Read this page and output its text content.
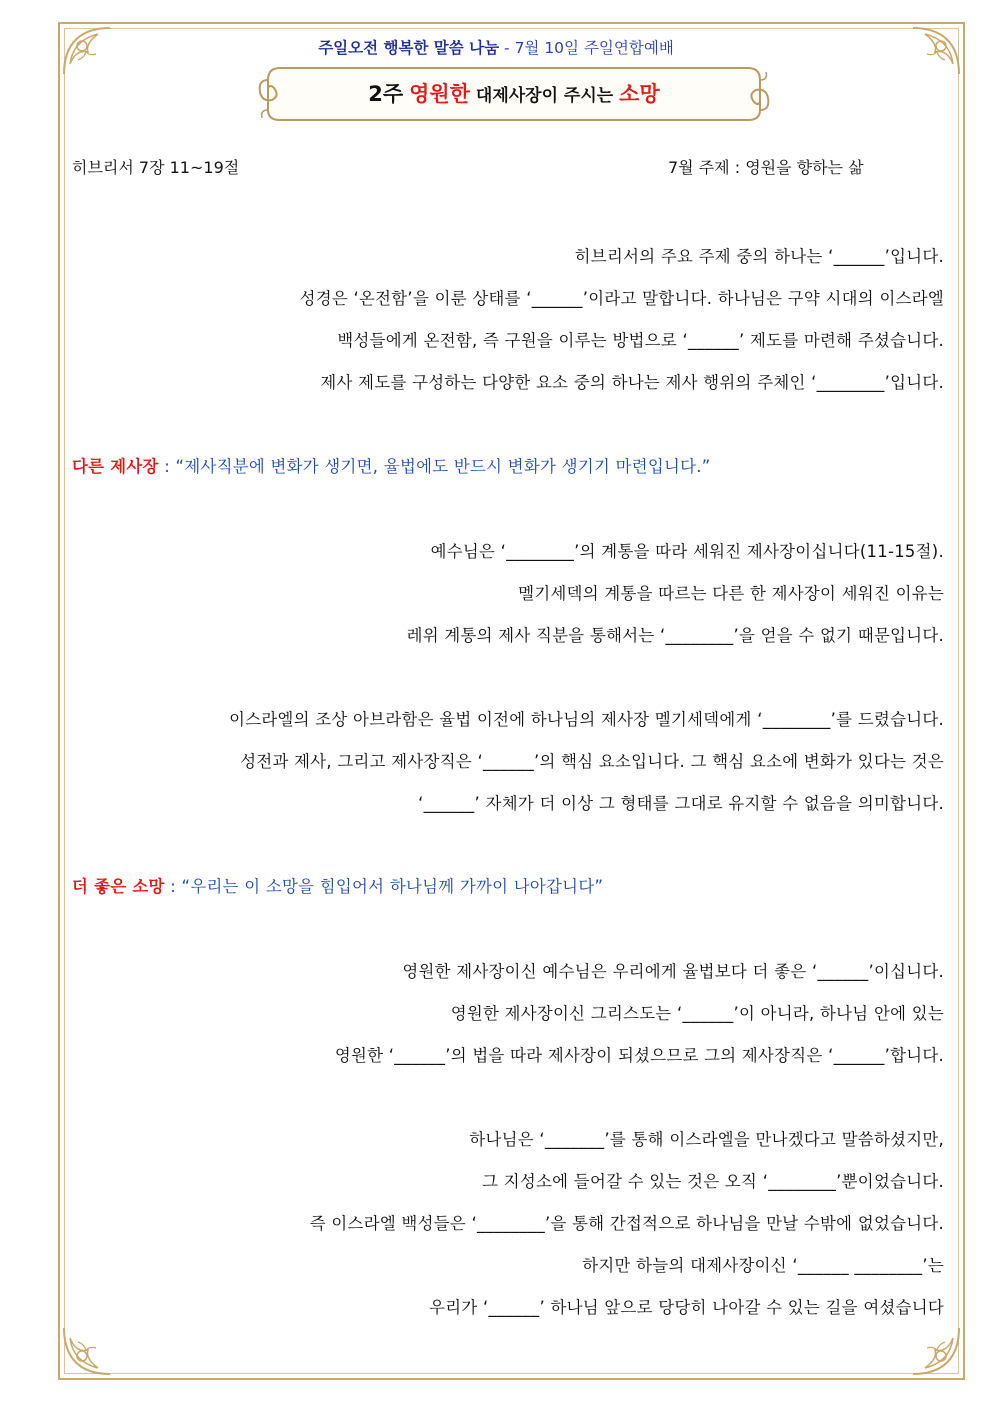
주일오전 행복한 말씀 나눔 - 7월 10일 주일연합예배
2주 영원한 대제사장이 주시는 소망
히브리서 7장 11~19절	7월 주제 : 영원을 향하는 삶
히브리서의 주요 주제 중의 하나는 ‘______’입니다.
성경은 ‘온전함’을 이룬 상태를 ‘______’이라고 말합니다. 하나님은 구약 시대의 이스라엘
백성들에게 온전함, 즉 구원을 이루는 방법으로 ‘______’ 제도를 마련해 주셨습니다.
제사 제도를 구성하는 다양한 요소 중의 하나는 제사 행위의 주체인 ‘________’입니다.
다른 제사장 : “제사직분에 변화가 생기면, 율법에도 반드시 변화가 생기기 마련입니다.”
예수님은 ‘________’의 계통을 따라 세워진 제사장이십니다(11-15절).
멜기세덱의 계통을 따르는 다른 한 제사장이 세워진 이유는
레위 계통의 제사 직분을 통해서는 ‘________’을 얻을 수 없기 때문입니다.
이스라엘의 조상 아브라함은 율법 이전에 하나님의 제사장 멜기세덱에게 ‘________’를 드렸습니다.
성전과 제사, 그리고 제사장직은 ‘______’의 핵심 요소입니다. 그 핵심 요소에 변화가 있다는 것은
‘______’ 자체가 더 이상 그 형태를 그대로 유지할 수 없음을 의미합니다.
더 좋은 소망 : “우리는 이 소망을 힘입어서 하나님께 가까이 나아갑니다”
영원한 제사장이신 예수님은 우리에게 율법보다 더 좋은 ‘______’이십니다.
영원한 제사장이신 그리스도는 ‘______’이 아니라, 하나님 안에 있는
영원한 ‘______’의 법을 따라 제사장이 되셨으므로 그의 제사장직은 ‘______’합니다.
하나님은 ‘_______’를 통해 이스라엘을 만나겠다고 말씀하셨지만,
그 지성소에 들어갈 수 있는 것은 오직 ‘________’뿐이었습니다.
즉 이스라엘 백성들은 ‘________’을 통해 간접적으로 하나님을 만날 수밖에 없었습니다.
하지만 하늘의 대제사장이신 ‘______ ________’는
우리가 ‘______’ 하나님 앞으로 당당히 나아갈 수 있는 길을 여셨습니다
